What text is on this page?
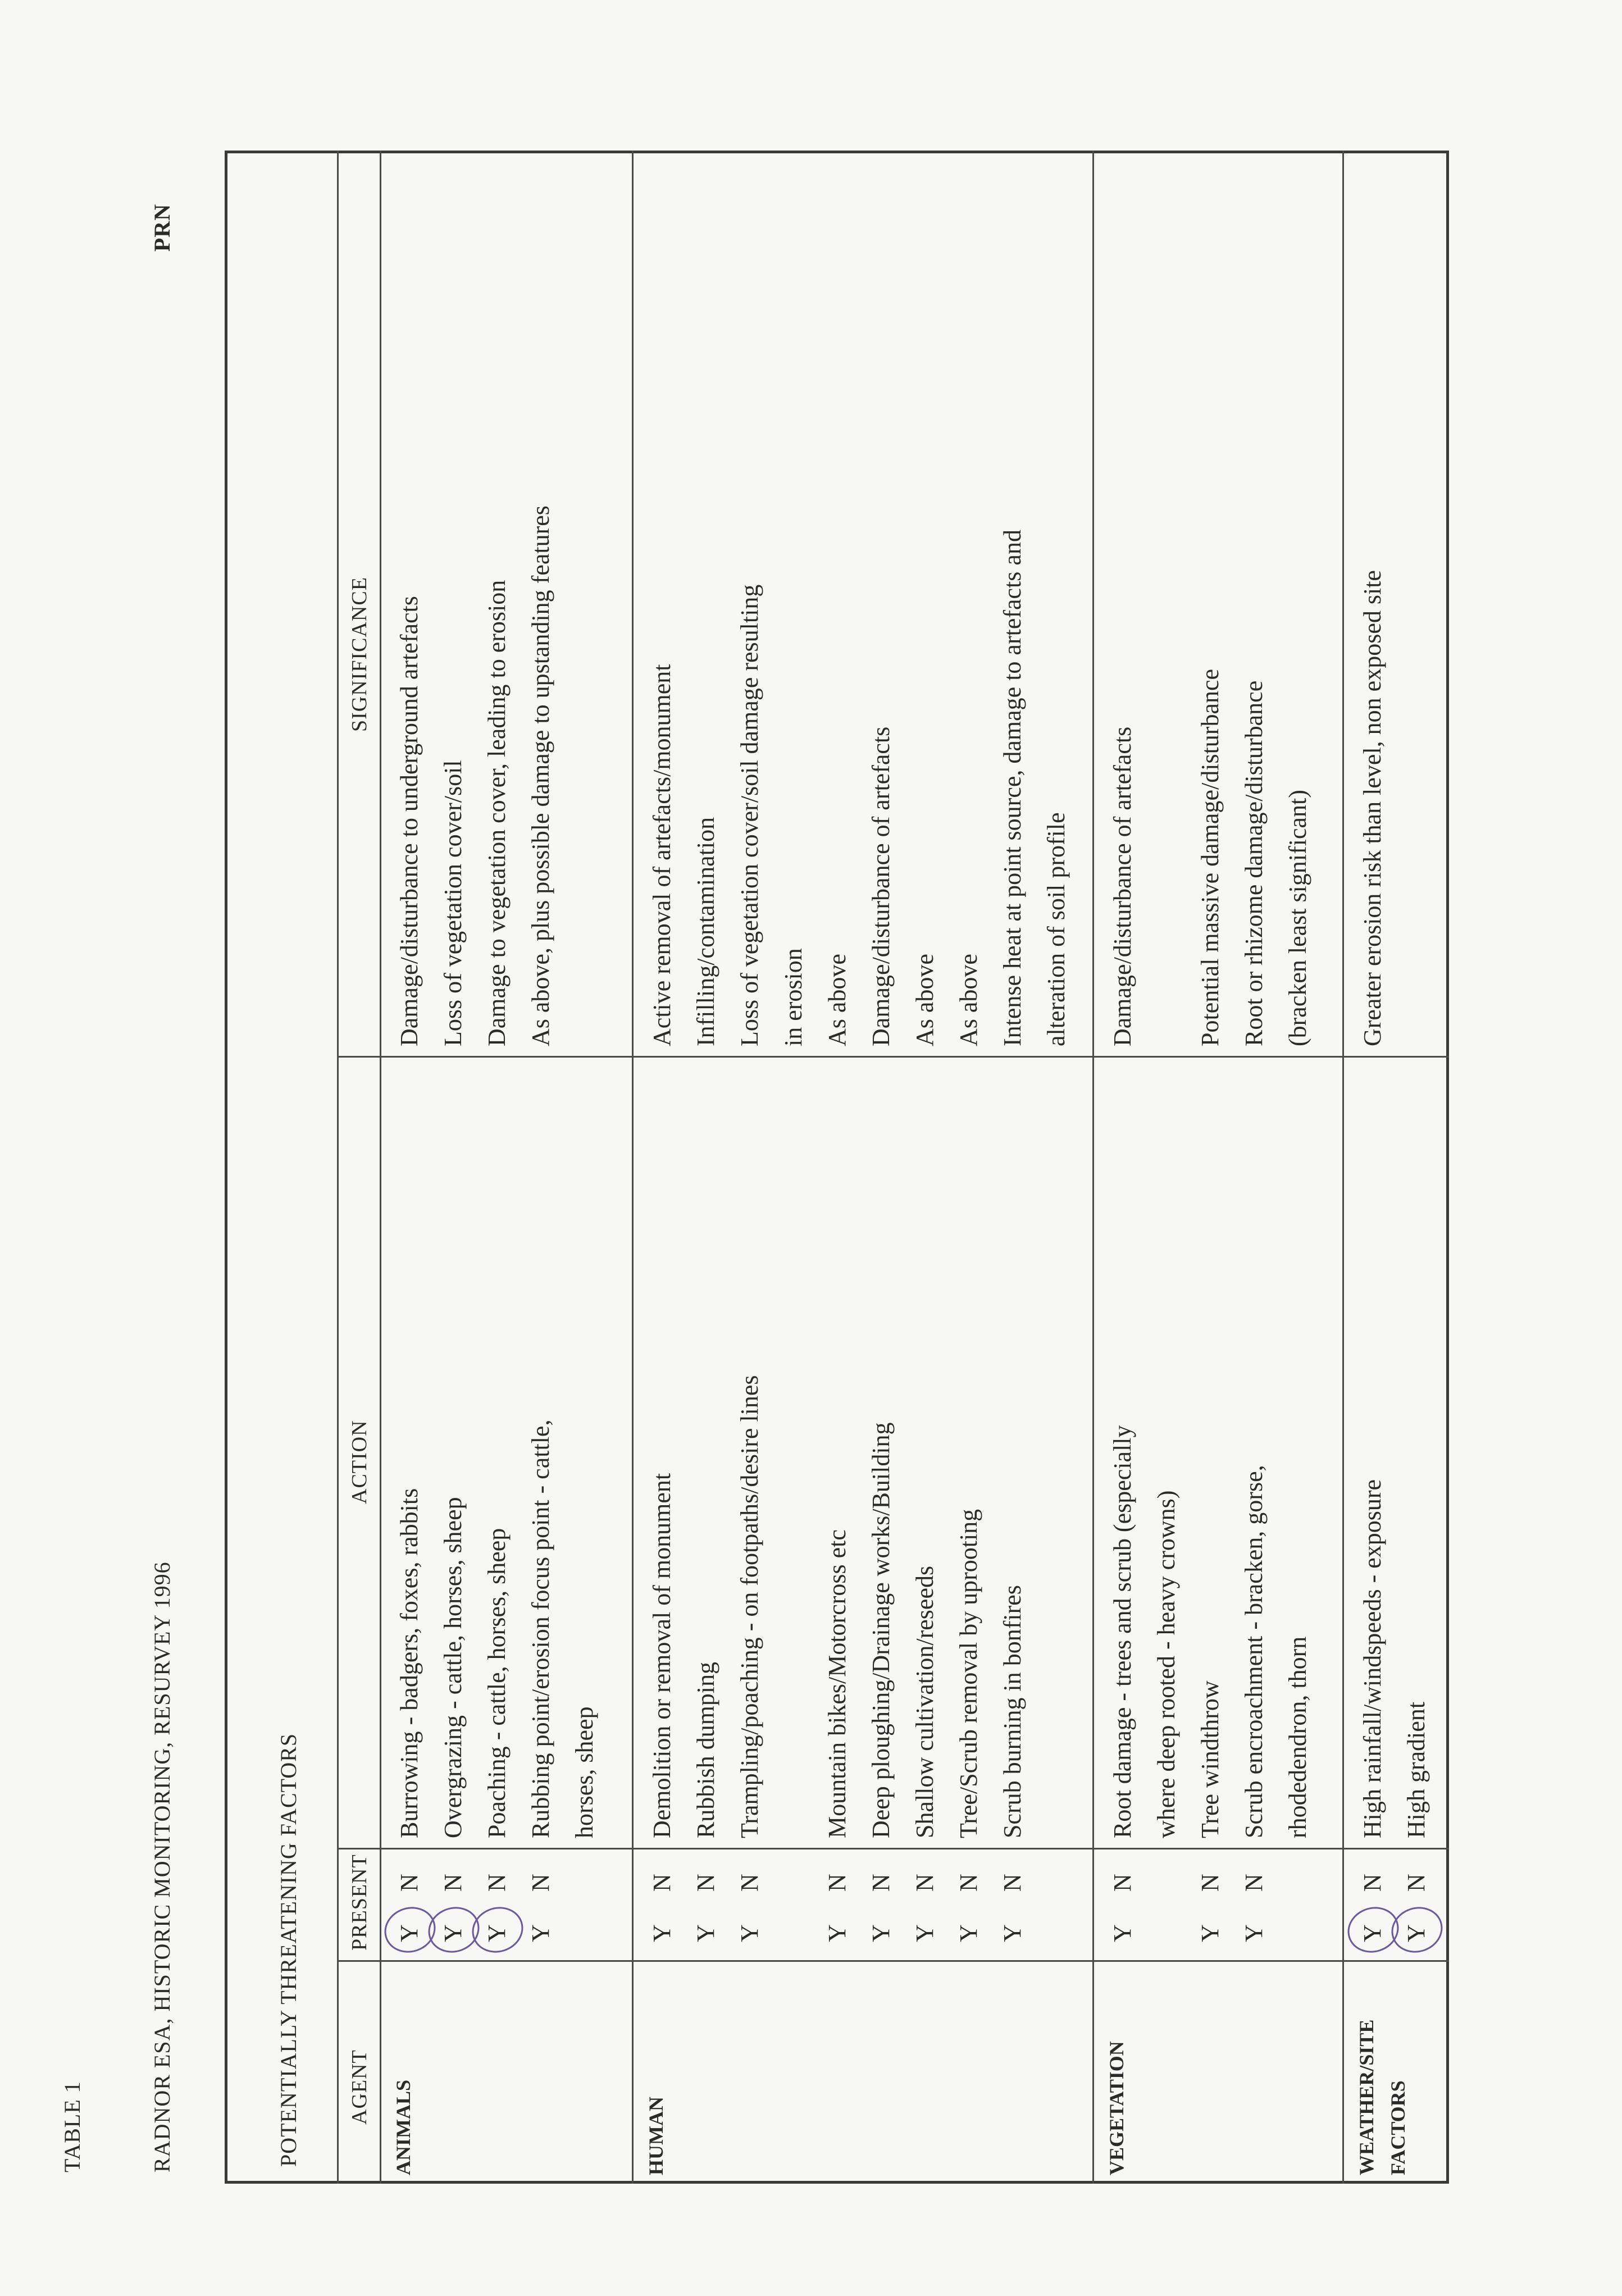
TABLE 1	RADNOR ESA, HISTORIC MONITORING, RESURVEY 1996
PRN
POTENTIALLY THREATENING FACTORS AGENT
PRESENT
ACTION
SIGNIFICANCE
ANIMALS
Y
N
Burrowing - badgers, foxes, rabbits
Damage/disturbance to underground artefacts
Y
N
Overgrazing - cattle, horses, sheep
Loss of vegetation cover/soil
Y
N
Poaching - cattle, horses, sheep
Damage to vegetation cover, leading to erosion
Y
N
Rubbing point/erosion focus point - cattle, horses, sheep
As above, plus possible damage to upstanding features
HUMAN
Y
N
Demolition or removal of monument
Active removal of artefacts/monument
Y
N
Rubbish dumping
Infilling/contamination
Y
N
Trampling/poaching - on footpaths/desire lines
Loss of vegetation cover/soil damage resulting in erosion
Y
N
Mountain bikes/Motorcross etc
As above
Y
N
Deep ploughing/Drainage works/Building
Damage/disturbance of artefacts
Y
N
Shallow cultivation/reseeds
As above
Y
N
Tree/Scrub removal by uprooting
As above
Y
N
Scrub burning in bonfires
Intense heat at point source, damage to artefacts and alteration of soil profile
VEGETATION
Y
N
Root damage - trees and scrub (especially where deep rooted - heavy crowns)
Damage/disturbance of artefacts
Y
N
Tree windthrow
Potential massive damage/disturbance
Y
N
Scrub encroachment - bracken, gorse, rhodedendron, thorn
Root or rhizome damage/disturbance (bracken least significant)
WEATHER/SITE FACTORS
Y
N
High rainfall/windspeeds - exposure
Greater erosion risk than level, non exposed site
Y
N
High gradient
